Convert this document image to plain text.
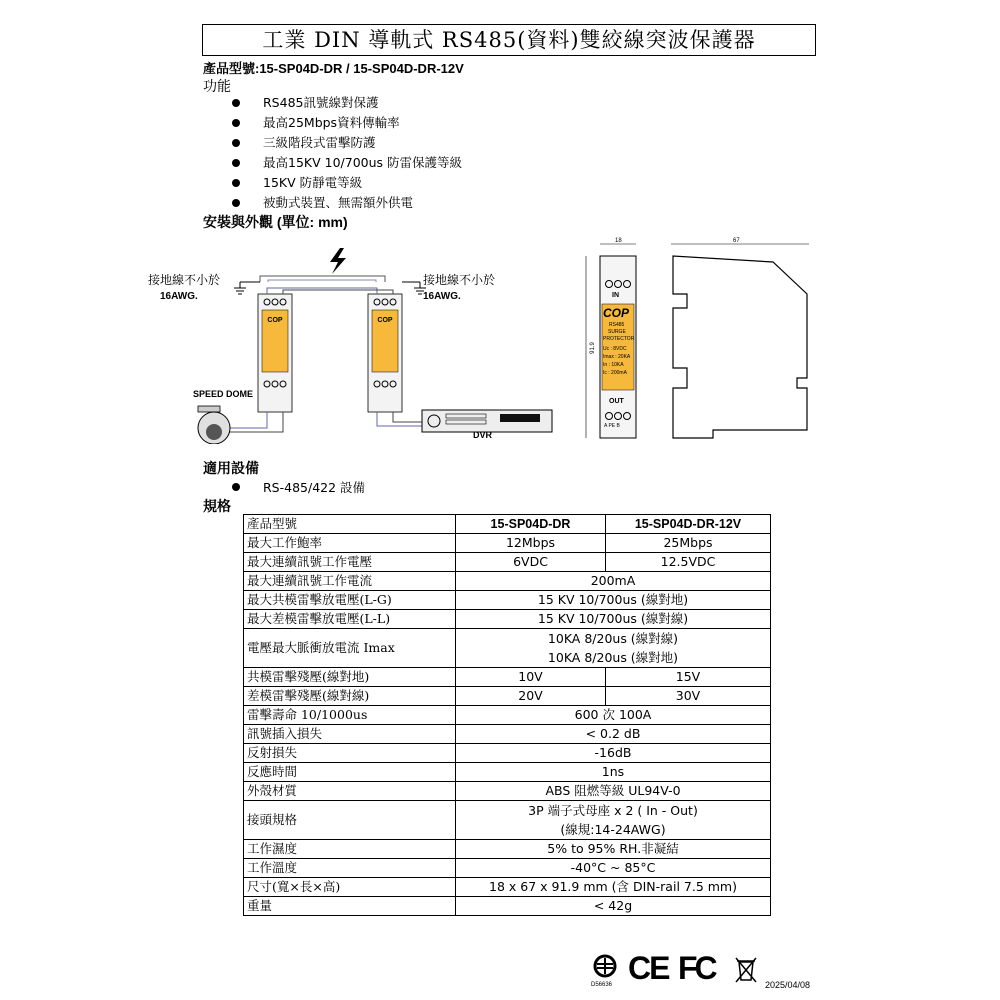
工業 DIN 導軌式 RS485(資料)雙絞線突波保護器
產品型號:15-SP04D-DR / 15-SP04D-DR-12V
功能
RS485訊號線對保護
最高25Mbps資料傳輸率
三級階段式雷擊防護
最高15KV 10/700us 防雷保護等級
15KV 防靜電等級
被動式裝置、無需額外供電
安裝與外觀 (單位: mm)
COP	COP
接地線不小於
16AWG.
接地線不小於
16AWG.
SPEED DOME
DVR
18
91.9
IN
COP
RS485
SURGE
PROTECTOR
Uc : 8VDC
Imax : 20KA
In : 10KA
Ic : 200mA
OUT
A PE B
67
適用設備
RS-485/422 設備
規格
產品型號	15-SP04D-DR	15-SP04D-DR-12V
最大工作鮑率	12Mbps	25Mbps
最大連續訊號工作電壓	6VDC	12.5VDC
最大連續訊號工作電流	200mA	
最大共模雷擊放電壓(L-G)	15 KV 10/700us (線對地)	
最大差模雷擊放電壓(L-L)	15 KV 10/700us (線對線)	
電壓最大脈衝放電流 Imax	10KA 8/20us (線對線)
10KA 8/20us (線對地)	

共模雷擊殘壓(線對地)	10V	15V
差模雷擊殘壓(線對線)	20V	30V
雷擊壽命 10/1000us	600 次 100A	
訊號插入損失	< 0.2 dB	
反射損失	-16dB	
反應時間	1ns	
外殼材質	ABS 阻燃等級 UL94V-0	
接頭規格	3P 端子式母座 x 2 ( In - Out)
(線規:14-24AWG)	

工作濕度	5% to 95% RH.非凝結	
工作溫度	-40°C ~ 85°C	
尺寸(寬×長×高)	18 x 67 x 91.9 mm (含 DIN-rail 7.5 mm)	
重量	< 42g	
D56636 CE FC	2025/04/08
